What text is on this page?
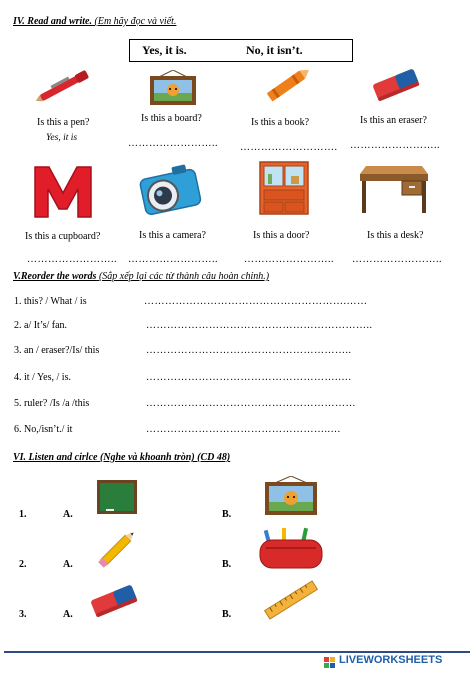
IV. Read and write. (Em hãy đọc và viết.
Yes, it is.	No, it isn’t.
Is this a pen?	Is this a board?	Is this a book?	Is this an eraser?
Yes, it is	…………………….. ………………………. ……………………..
Is this a cupboard?	Is this a camera?	Is this a door?	Is this a desk?
…………………….. ……………………..	…………………….. ……………………..
V.Reorder the words (Sắp xếp lại các từ thành câu hoàn chỉnh.)
1. this? / What / is	………………………………………………….……
2. a/ It’s/ fan.	………………………………………………………..
3. an / eraser?/Is/ this	…………………………………………………..
4. it / Yes, / is.	……………………………………………….….
5. ruler? /Is /a /this	……………………………………………………
6. No,/isn’t./ it	……………………………………………..…
VI. Listen and cirlce (Nghe và khoanh tròn) (CD 48)
1.	A.	B.
2.	A.	B.
3.	A.	B.
LIVEWORKSHEETS
